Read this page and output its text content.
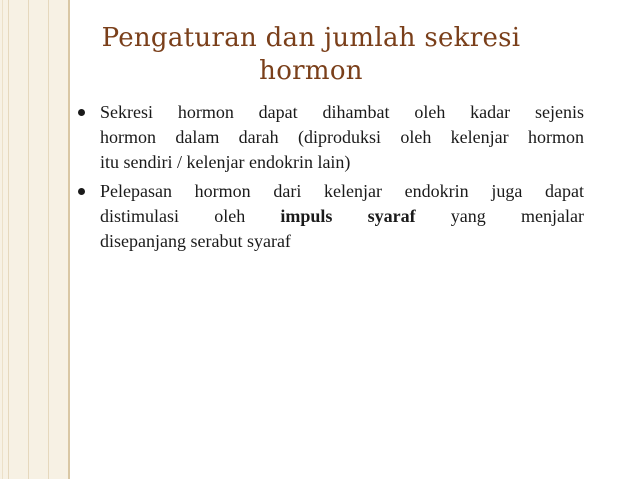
Pengaturan dan jumlah sekresi
hormon
Sekresi hormon dapat dihambat oleh kadar sejenis
hormon dalam darah (diproduksi oleh kelenjar hormon
itu sendiri / kelenjar endokrin lain)
Pelepasan hormon dari kelenjar endokrin juga dapat
distimulasi oleh impuls syaraf yang menjalar
disepanjang serabut syaraf
